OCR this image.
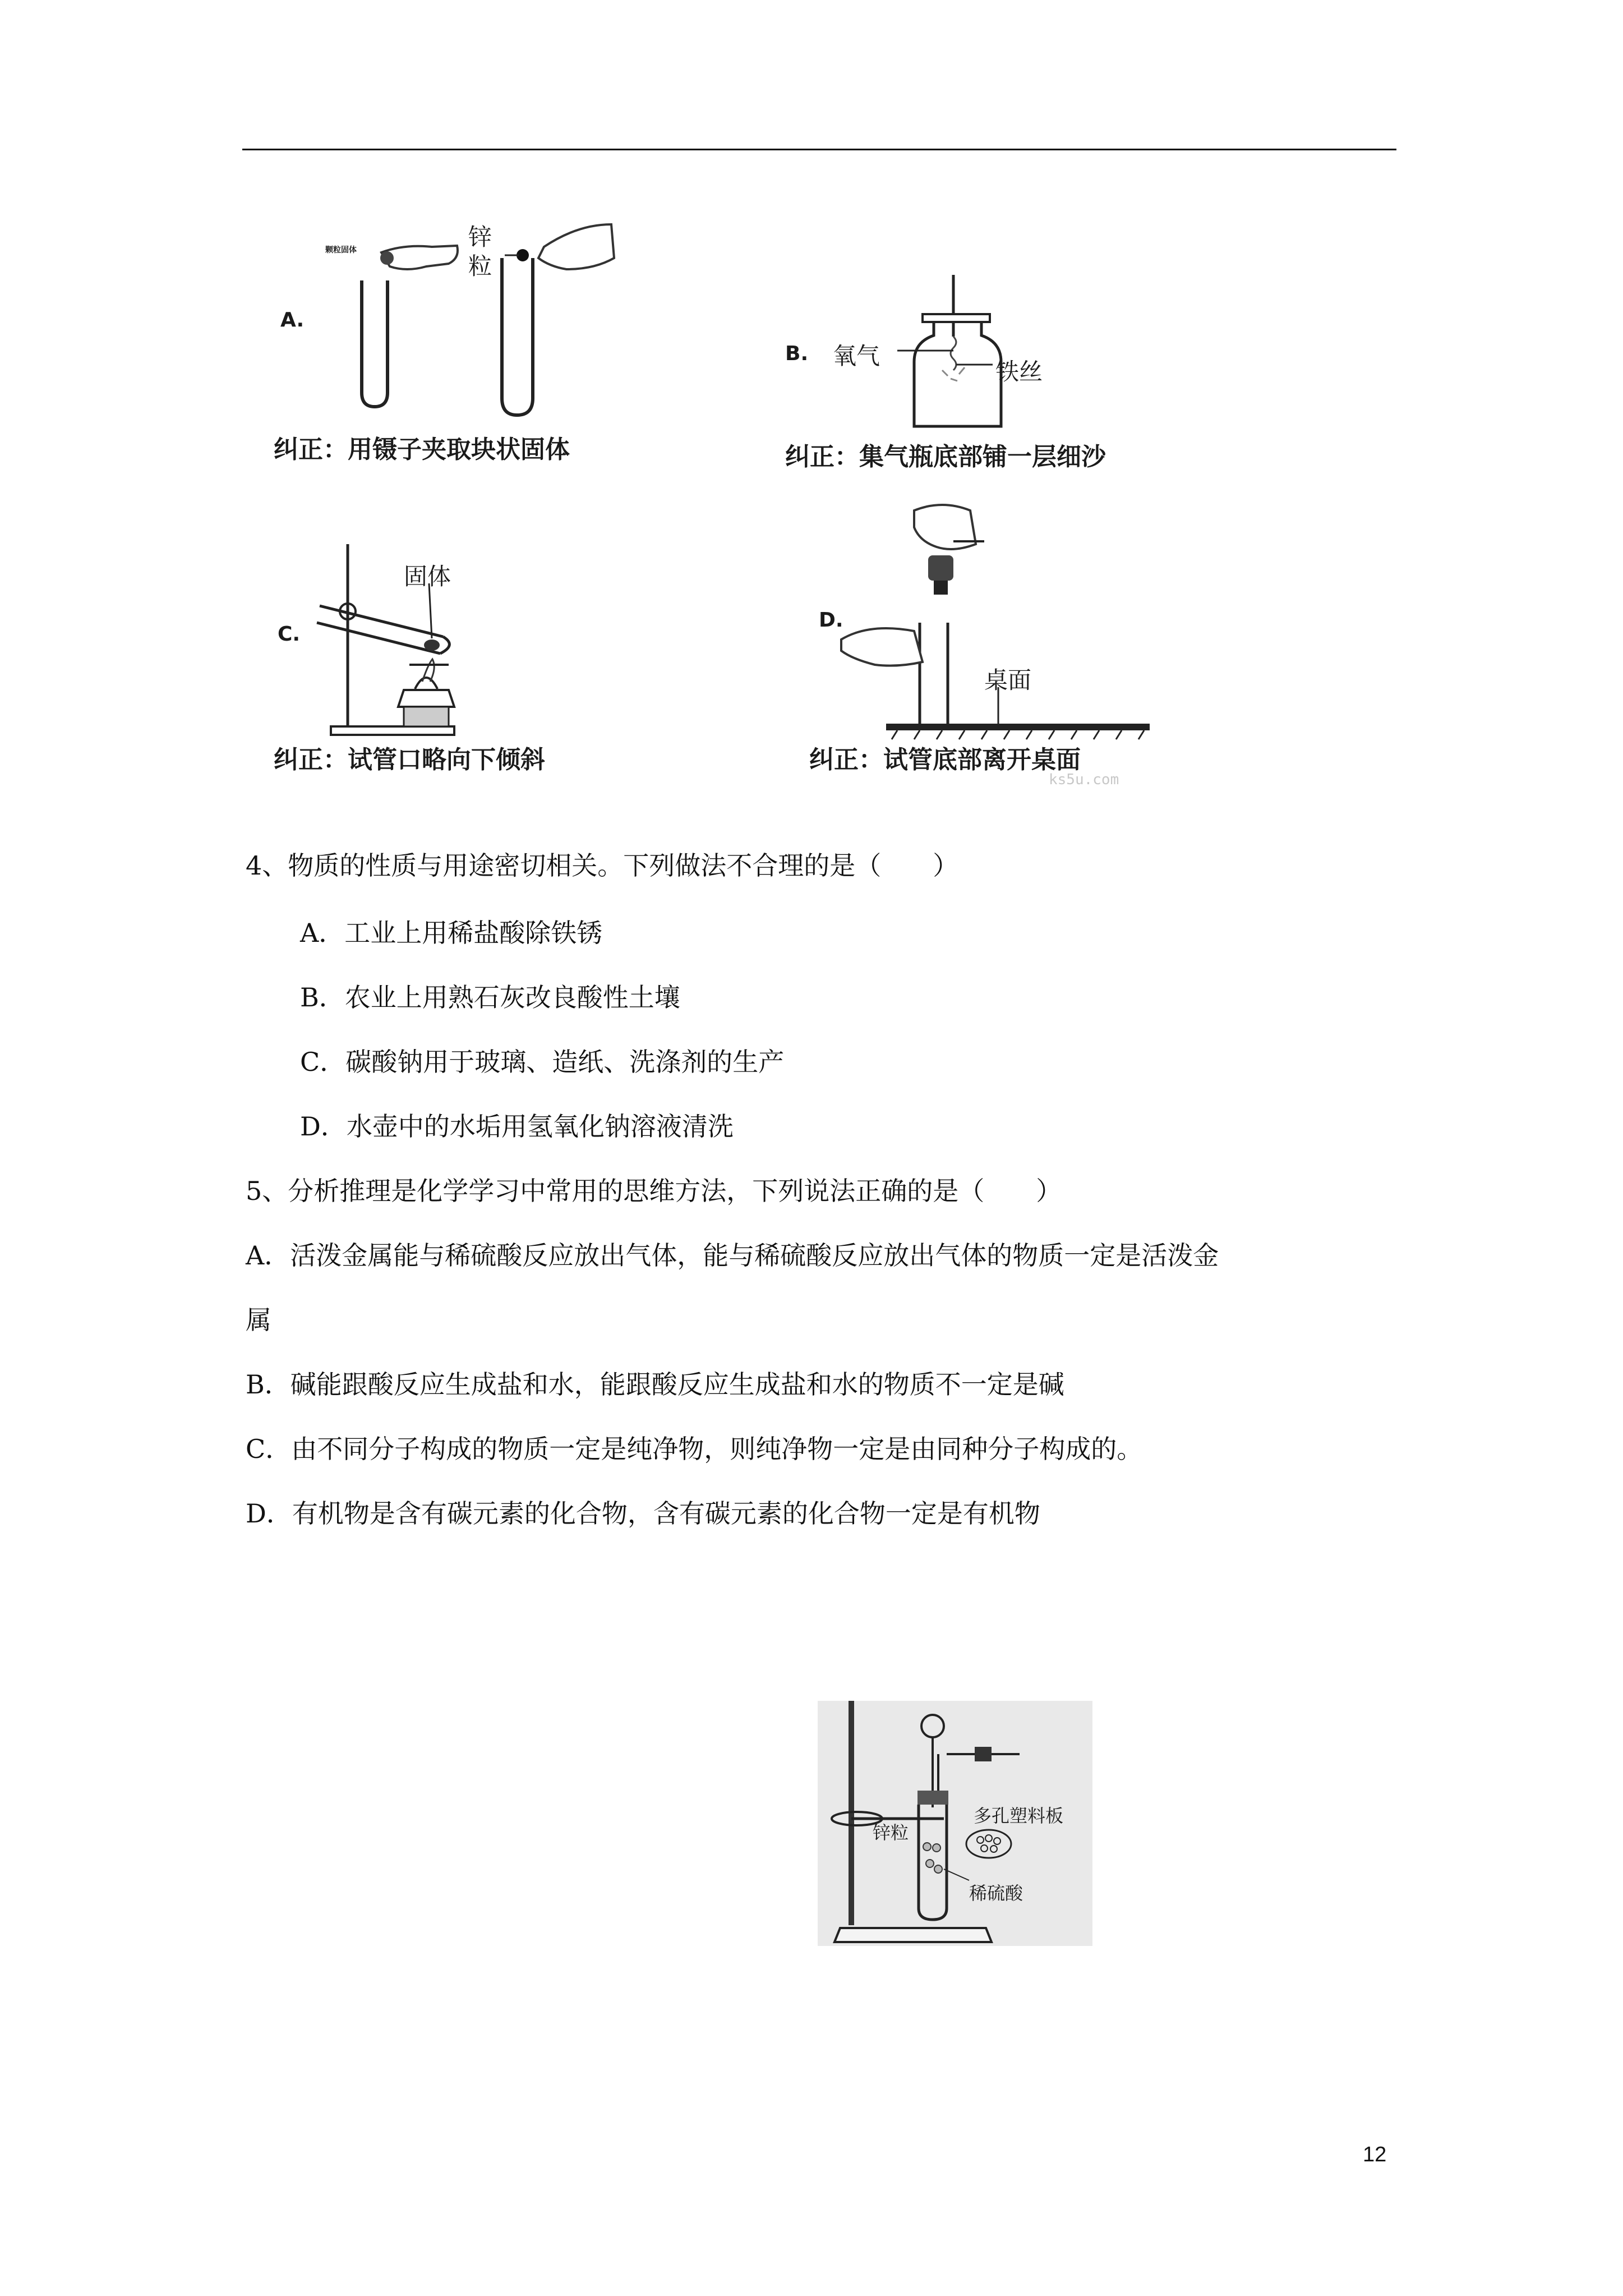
A.
颗粒固体	锌
粒
纠正：用镊子夹取块状固体
B. 氧气
铁丝
纠正：集气瓶底部铺一层细沙
C.
固体
纠正：试管口略向下倾斜
D.
桌面
纠正：试管底部离开桌面
ks5u.com
4、物质的性质与用途密切相关。下列做法不合理的是（　　）
A．工业上用稀盐酸除铁锈
B．农业上用熟石灰改良酸性土壤
C．碳酸钠用于玻璃、造纸、洗涤剂的生产
D．水壶中的水垢用氢氧化钠溶液清洗
5、分析推理是化学学习中常用的思维方法，下列说法正确的是（　　）
A．活泼金属能与稀硫酸反应放出气体，能与稀硫酸反应放出气体的物质一定是活泼金
属
B．碱能跟酸反应生成盐和水，能跟酸反应生成盐和水的物质不一定是碱
C．由不同分子构成的物质一定是纯净物，则纯净物一定是由同种分子构成的。
D．有机物是含有碳元素的化合物，含有碳元素的化合物一定是有机物
锌粒
多孔塑料板
稀硫酸
12
